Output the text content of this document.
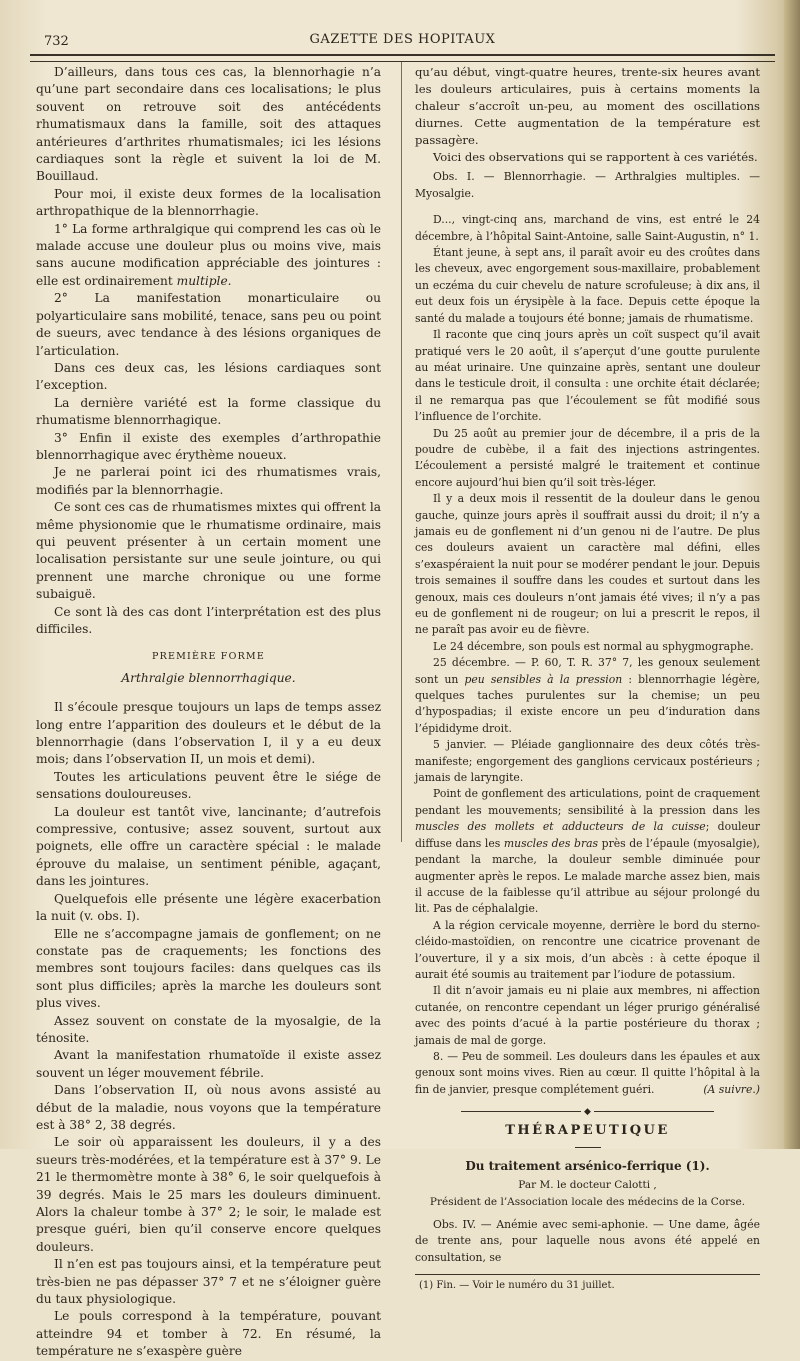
732	GAZETTE DES HOPITAUX

D’ailleurs, dans tous ces cas, la blennorhagie n’a qu’une part secondaire dans ces localisations; le plus souvent on retrouve soit des antécédents rhumatismaux dans la famille, soit des attaques antérieures d’arthrites rhumatismales; ici les lésions cardiaques sont la règle et suivent la loi de M. Bouillaud.

Pour moi, il existe deux formes de la localisation arthropathique de la blennorrhagie.

1° La forme arthralgique qui comprend les cas où le malade accuse une douleur plus ou moins vive, mais sans aucune modification appréciable des jointures : elle est ordinairement multiple.

2° La manifestation monarticulaire ou polyarticulaire sans mobilité, tenace, sans peu ou point de sueurs, avec tendance à des lésions organiques de l’articulation.

Dans ces deux cas, les lésions cardiaques sont l’exception.

La dernière variété est la forme classique du rhumatisme blennorrhagique.

3° Enfin il existe des exemples d’arthropathie blennorrhagique avec érythème noueux.

Je ne parlerai point ici des rhumatismes vrais, modifiés par la blennorrhagie.

Ce sont ces cas de rhumatismes mixtes qui offrent la même physionomie que le rhumatisme ordinaire, mais qui peuvent présenter à un certain moment une localisation persistante sur une seule jointure, ou qui prennent une marche chronique ou une forme subaiguë.

Ce sont là des cas dont l’interprétation est des plus difficiles.

PREMIÈRE FORME
Arthralgie blennorrhagique.

Il s’écoule presque toujours un laps de temps assez long entre l’apparition des douleurs et le début de la blennorrhagie (dans l’observation I, il y a eu deux mois; dans l’observation II, un mois et demi).

Toutes les articulations peuvent être le siége de sensations douloureuses.

La douleur est tantôt vive, lancinante; d’autrefois compressive, contusive; assez souvent, surtout aux poignets, elle offre un caractère spécial : le malade éprouve du malaise, un sentiment pénible, agaçant, dans les jointures.

Quelquefois elle présente une légère exacerbation la nuit (v. obs. I).

Elle ne s’accompagne jamais de gonflement; on ne constate pas de craquements; les fonctions des membres sont toujours faciles: dans quelques cas ils sont plus difficiles; après la marche les douleurs sont plus vives.

Assez souvent on constate de la myosalgie, de la ténosite.

Avant la manifestation rhumatoïde il existe assez souvent un léger mouvement fébrile.

Dans l’observation II, où nous avons assisté au début de la maladie, nous voyons que la température est à 38° 2, 38 degrés.

Le soir où apparaissent les douleurs, il y a des sueurs très-modérées, et la température est à 37° 9. Le 21 le thermomètre monte à 38° 6, le soir quelquefois à 39 degrés. Mais le 25 mars les douleurs diminuent. Alors la chaleur tombe à 37° 2; le soir, le malade est presque guéri, bien qu’il conserve encore quelques douleurs.

Il n’en est pas toujours ainsi, et la température peut très-bien ne pas dépasser 37° 7 et ne s’éloigner guère du taux physiologique.

Le pouls correspond à la température, pouvant atteindre 94 et tomber à 72. En résumé, la température ne s’exaspère guère

qu’au début, vingt-quatre heures, trente-six heures avant les douleurs articulaires, puis à certains moments la chaleur s’accroît un-peu, au moment des oscillations diurnes. Cette augmentation de la température est passagère.

Voici des observations qui se rapportent à ces variétés.

Obs. I. — Blennorrhagie. — Arthralgies multiples. — Myosalgie.

D..., vingt-cinq ans, marchand de vins, est entré le 24 décembre, à l’hôpital Saint-Antoine, salle Saint-Augustin, n° 1.

Étant jeune, à sept ans, il paraît avoir eu des croûtes dans les cheveux, avec engorgement sous-maxillaire, probablement un eczéma du cuir chevelu de nature scrofuleuse; à dix ans, il eut deux fois un érysipèle à la face. Depuis cette époque la santé du malade a toujours été bonne; jamais de rhumatisme.

Il raconte que cinq jours après un coït suspect qu’il avait pratiqué vers le 20 août, il s’aperçut d’une goutte purulente au méat urinaire. Une quinzaine après, sentant une douleur dans le testicule droit, il consulta : une orchite était déclarée; il ne remarqua pas que l’écoulement se fût modifié sous l’influence de l’orchite.

Du 25 août au premier jour de décembre, il a pris de la poudre de cubèbe, il a fait des injections astringentes. L’écoulement a persisté malgré le traitement et continue encore aujourd’hui bien qu’il soit très-léger.

Il y a deux mois il ressentit de la douleur dans le genou gauche, quinze jours après il souffrait aussi du droit; il n’y a jamais eu de gonflement ni d’un genou ni de l’autre. De plus ces douleurs avaient un caractère mal défini, elles s’exaspéraient la nuit pour se modérer pendant le jour. Depuis trois semaines il souffre dans les coudes et surtout dans les genoux, mais ces douleurs n’ont jamais été vives; il n’y a pas eu de gonflement ni de rougeur; on lui a prescrit le repos, il ne paraît pas avoir eu de fièvre.

Le 24 décembre, son pouls est normal au sphygmographe.

25 décembre. — P. 60, T. R. 37° 7, les genoux seulement sont un peu sensibles à la pression : blennorrhagie légère, quelques taches purulentes sur la chemise; un peu d’hypospadias; il existe encore un peu d’induration dans l’épididyme droit.

5 janvier. — Pléiade ganglionnaire des deux côtés très-manifeste; engorgement des ganglions cervicaux postérieurs ; jamais de laryngite.

Point de gonflement des articulations, point de craquement pendant les mouvements; sensibilité à la pression dans les muscles des mollets et adducteurs de la cuisse; douleur diffuse dans les muscles des bras près de l’épaule (myosalgie), pendant la marche, la douleur semble diminuée pour augmenter après le repos. Le malade marche assez bien, mais il accuse de la faiblesse qu’il attribue au séjour prolongé du lit. Pas de céphalalgie.

A la région cervicale moyenne, derrière le bord du sterno-cléido-mastoïdien, on rencontre une cicatrice provenant de l’ouverture, il y a six mois, d’un abcès : à cette époque il aurait été soumis au traitement par l’iodure de potassium.

Il dit n’avoir jamais eu ni plaie aux membres, ni affection cutanée, on rencontre cependant un léger prurigo généralisé avec des points d’acué à la partie postérieure du thorax ; jamais de mal de gorge.

8. — Peu de sommeil. Les douleurs dans les épaules et aux genoux sont moins vives. Rien au cœur. Il quitte l’hôpital à la fin de janvier, presque complétement guéri.	(A suivre.)

◆
THÉRAPEUTIQUE
Du traitement arsénico-ferrique (1).
Par M. le docteur Calotti ,
Président de l’Association locale des médecins de la Corse.

Obs. IV. — Anémie avec semi-aphonie. — Une dame, âgée de trente ans, pour laquelle nous avons été appelé en consultation, se

(1) Fin. — Voir le numéro du 31 juillet.
